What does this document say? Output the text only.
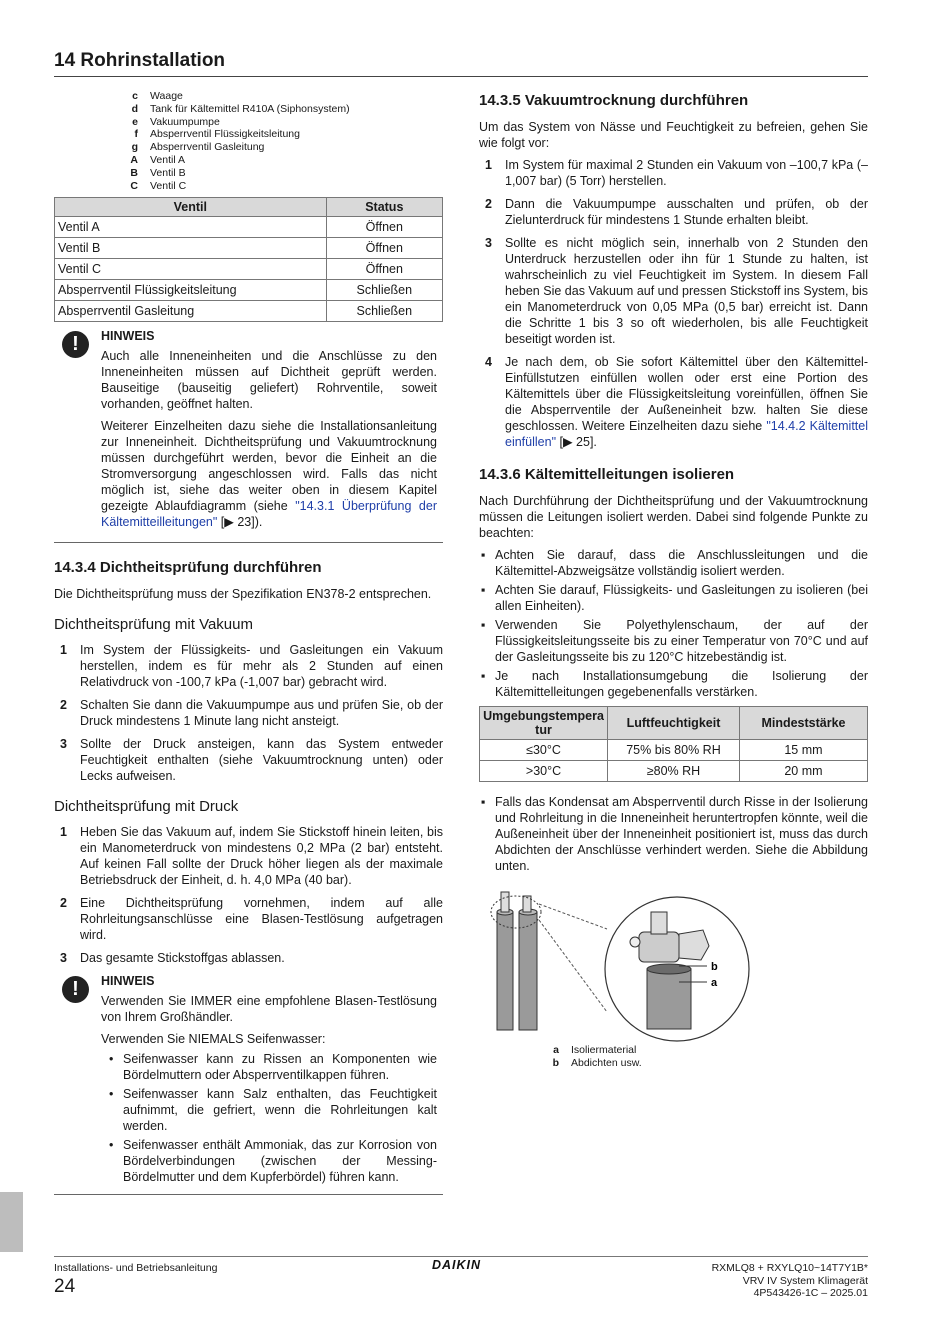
14 Rohrinstallation
c	Waage
d	Tank für Kältemittel R410A (Siphonsystem)
e	Vakuumpumpe
f	Absperrventil Flüssigkeitsleitung
g	Absperrventil Gasleitung
A	Ventil A
B	Ventil B
C	Ventil C
Ventil	Status
Ventil A	Öffnen
Ventil B	Öffnen
Ventil C	Öffnen
Absperrventil Flüssigkeitsleitung	Schließen
Absperrventil Gasleitung	Schließen
!	HINWEIS

Auch alle Inneneinheiten und die Anschlüsse zu den Inneneinheiten müssen auf Dichtheit geprüft werden. Bauseitige (bauseitig geliefert) Rohrventile, soweit vorhanden, geöffnet halten.

Weiterer Einzelheiten dazu siehe die Installationsanleitung zur Inneneinheit. Dichtheitsprüfung und Vakuumtrocknung müssen durchgeführt werden, bevor die Einheit an die Stromversorgung angeschlossen wird. Falls das nicht möglich ist, siehe das weiter oben in diesem Kapitel gezeigte Ablaufdiagramm (siehe "14.3.1 Überprüfung der Kältemitteilleitungen" [▶ 23]).

14.3.4 Dichtheitsprüfung durchführen

Die Dichtheitsprüfung muss der Spezifikation EN378-2 entsprechen.

Dichtheitsprüfung mit Vakuum
1	Im System der Flüssigkeits- und Gasleitungen ein Vakuum herstellen, indem es für mehr als 2 Stunden auf einen Relativdruck von -100,7 kPa (-1,007 bar) gebracht wird.
2	Schalten Sie dann die Vakuumpumpe aus und prüfen Sie, ob der Druck mindestens 1 Minute lang nicht ansteigt.
3	Sollte der Druck ansteigen, kann das System entweder Feuchtigkeit enthalten (siehe Vakuumtrocknung unten) oder Lecks aufweisen.
Dichtheitsprüfung mit Druck
1	Heben Sie das Vakuum auf, indem Sie Stickstoff hinein leiten, bis ein Manometerdruck von mindestens 0,2 MPa (2 bar) entsteht. Auf keinen Fall sollte der Druck höher liegen als der maximale Betriebsdruck der Einheit, d. h. 4,0 MPa (40 bar).
2	Eine Dichtheitsprüfung vornehmen, indem auf alle Rohrleitungsanschlüsse eine Blasen-Testlösung aufgetragen wird.
3	Das gesamte Stickstoffgas ablassen.
!	HINWEIS

Verwenden Sie IMMER eine empfohlene Blasen-Testlösung von Ihrem Großhändler.

Verwenden Sie NIEMALS Seifenwasser:

• Seifenwasser kann zu Rissen an Komponenten wie Bördelmuttern oder Absperrventilkappen führen.
• Seifenwasser kann Salz enthalten, das Feuchtigkeit aufnimmt, die gefriert, wenn die Rohrleitungen kalt werden.
• Seifenwasser enthält Ammoniak, das zur Korrosion von Bördelverbindungen (zwischen der Messing-Bördelmutter und dem Kupferbördel) führen kann.
14.3.5 Vakuumtrocknung durchführen

Um das System von Nässe und Feuchtigkeit zu befreien, gehen Sie wie folgt vor:

1	Im System für maximal 2 Stunden ein Vakuum von –100,7 kPa (–1,007 bar) (5 Torr) herstellen.
2	Dann die Vakuumpumpe ausschalten und prüfen, ob der Zielunterdruck für mindestens 1 Stunde erhalten bleibt.
3	Sollte es nicht möglich sein, innerhalb von 2 Stunden den Unterdruck herzustellen oder ihn für 1 Stunde zu halten, ist wahrscheinlich zu viel Feuchtigkeit im System. In diesem Fall heben Sie das Vakuum auf und pressen Stickstoff ins System, bis ein Manometerdruck von 0,05 MPa (0,5 bar) erreicht ist. Dann die Schritte 1 bis 3 so oft wiederholen, bis alle Feuchtigkeit beseitigt worden ist.
4	Je nach dem, ob Sie sofort Kältemittel über den Kältemittel-Einfüllstutzen einfüllen wollen oder erst eine Portion des Kältemittels über die Flüssigkeitsleitung voreinfüllen, öffnen Sie die Absperrventile der Außeneinheit bzw. halten Sie diese geschlossen. Weitere Einzelheiten dazu siehe "14.4.2 Kältemittel einfüllen" [▶ 25].
14.3.6 Kältemittelleitungen isolieren

Nach Durchführung der Dichtheitsprüfung und der Vakuumtrocknung müssen die Leitungen isoliert werden. Dabei sind folgende Punkte zu beachten:

▪ Achten Sie darauf, dass die Anschlussleitungen und die Kältemittel-Abzweigsätze vollständig isoliert werden.
▪ Achten Sie darauf, Flüssigkeits- und Gasleitungen zu isolieren (bei allen Einheiten).
▪ Verwenden Sie Polyethylenschaum, der auf der Flüssigkeitsleitungsseite bis zu einer Temperatur von 70°C und auf der Gasleitungsseite bis zu 120°C hitzebeständig ist.
▪ Je nach Installationsumgebung die Isolierung der Kältemittelleitungen gegebenenfalls verstärken.
Umgebungstempera tur	Luftfeuchtigkeit	Mindeststärke
≤30°C	75% bis 80% RH	15 mm
>30°C	≥80% RH	20 mm
▪ Falls das Kondensat am Absperrventil durch Risse in der Isolierung und Rohrleitung in die Inneneinheit heruntertropfen könnte, weil die Außeneinheit über der Inneneinheit positioniert ist, muss das durch Abdichten der Anschlüsse verhindert werden. Siehe die Abbildung unten.
b
a
a	Isoliermaterial
b	Abdichten usw.
Installations- und Betriebsanleitung
24
DAIKIN	RXMLQ8 + RXYLQ10~14T7Y1B*
VRV IV System Klimagerät
4P543426-1C – 2025.01
